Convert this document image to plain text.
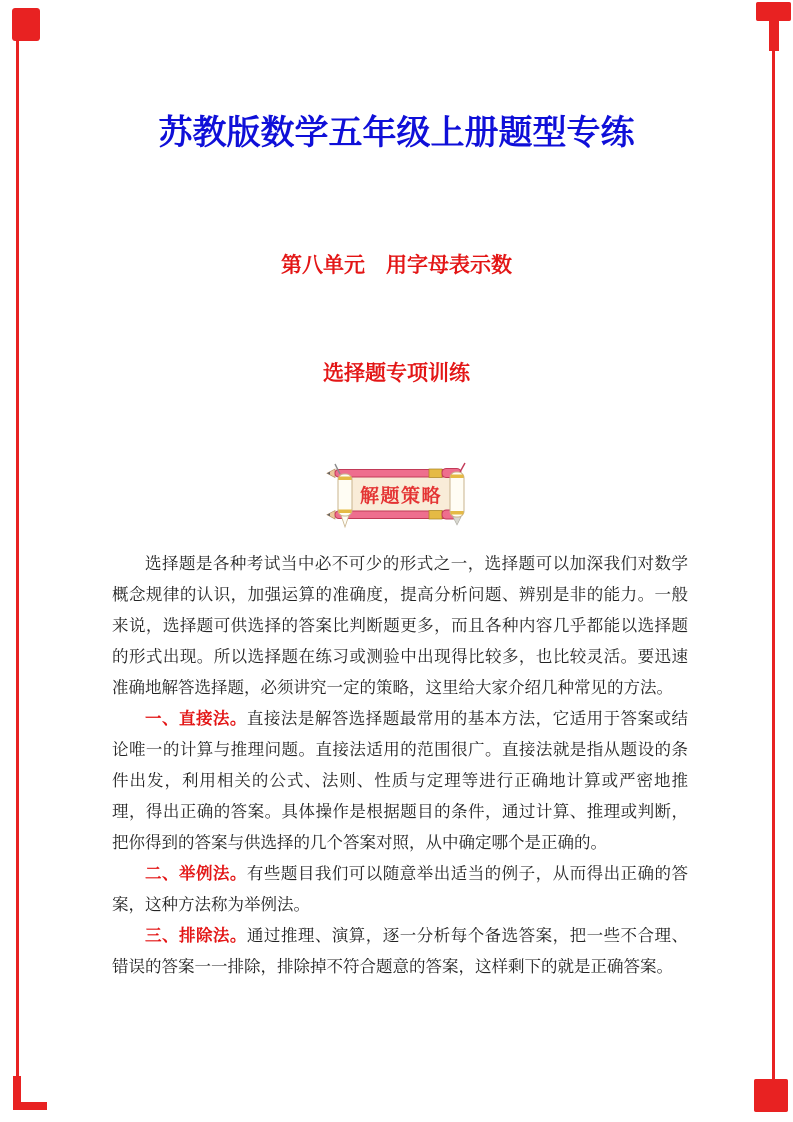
苏教版数学五年级上册题型专练
第八单元　用字母表示数
选择题专项训练
解题策略

选择题是各种考试当中必不可少的形式之一，选择题可以加深我们对数学概念规律的认识，加强运算的准确度，提高分析问题、辨别是非的能力。一般来说，选择题可供选择的答案比判断题更多，而且各种内容几乎都能以选择题的形式出现。所以选择题在练习或测验中出现得比较多，也比较灵活。要迅速准确地解答选择题，必须讲究一定的策略，这里给大家介绍几种常见的方法。

一、直接法。直接法是解答选择题最常用的基本方法，它适用于答案或结论唯一的计算与推理问题。直接法适用的范围很广。直接法就是指从题设的条件出发，利用相关的公式、法则、性质与定理等进行正确地计算或严密地推理，得出正确的答案。具体操作是根据题目的条件，通过计算、推理或判断，把你得到的答案与供选择的几个答案对照，从中确定哪个是正确的。

二、举例法。有些题目我们可以随意举出适当的例子，从而得出正确的答案，这种方法称为举例法。

三、排除法。通过推理、演算，逐一分析每个备选答案，把一些不合理、错误的答案一一排除，排除掉不符合题意的答案，这样剩下的就是正确答案。
